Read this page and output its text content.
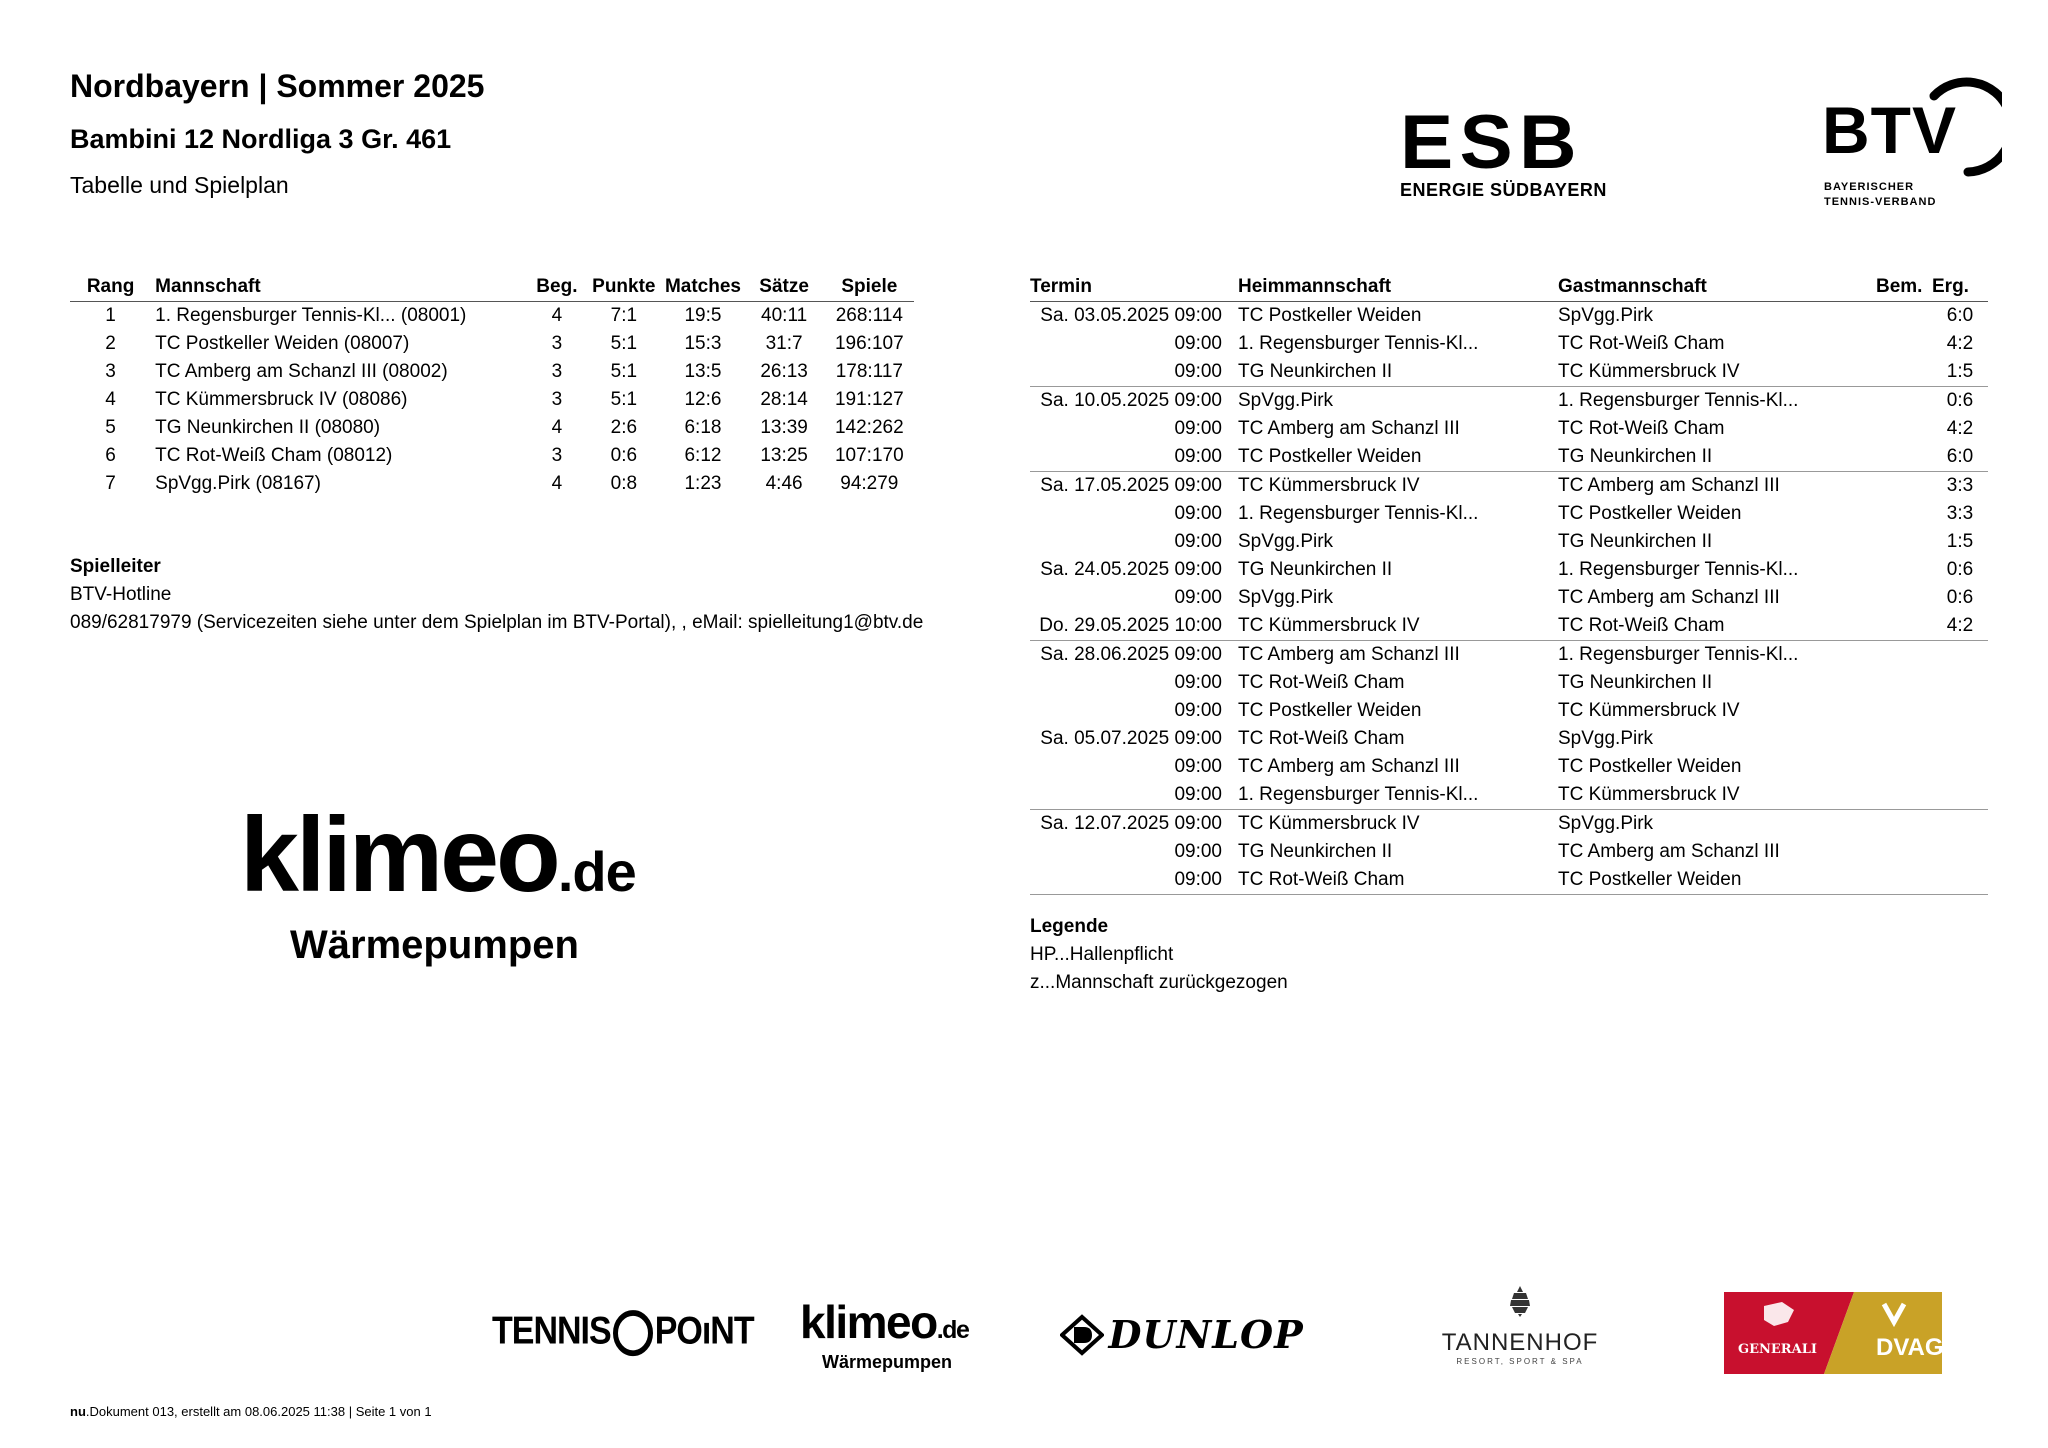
Nordbayern | Sommer 2025
Bambini 12 Nordliga 3 Gr. 461
Tabelle und Spielplan	ESB
ENERGIE SÜDBAYERN
BTV
BAYERISCHER
TENNIS-VERBAND
Rang	Mannschaft	Beg.	Punkte	Matches	Sätze	Spiele
1	1. Regensburger Tennis-Kl... (08001)	4	7:1	19:5	40:11	268:114
2	TC Postkeller Weiden (08007)	3	5:1	15:3	31:7	196:107
3	TC Amberg am Schanzl III (08002)	3	5:1	13:5	26:13	178:117
4	TC Kümmersbruck IV (08086)	3	5:1	12:6	28:14	191:127
5	TG Neunkirchen II (08080)	4	2:6	6:18	13:39	142:262
6	TC Rot-Weiß Cham (08012)	3	0:6	6:12	13:25	107:170
7	SpVgg.Pirk (08167)	4	0:8	1:23	4:46	94:279
Spielleiter
BTV-Hotline
089/62817979 (Servicezeiten siehe unter dem Spielplan im BTV-Portal), , eMail: spielleitung1@btv.de
klimeo.de
Wärmepumpen
Termin	Heimmannschaft	Gastmannschaft	Bem.	Erg.
Sa. 03.05.2025 09:00	TC Postkeller Weiden	SpVgg.Pirk		6:0
09:00	1. Regensburger Tennis-Kl...	TC Rot-Weiß Cham		4:2
09:00	TG Neunkirchen II	TC Kümmersbruck IV		1:5
Sa. 10.05.2025 09:00	SpVgg.Pirk	1. Regensburger Tennis-Kl...		0:6
09:00	TC Amberg am Schanzl III	TC Rot-Weiß Cham		4:2
09:00	TC Postkeller Weiden	TG Neunkirchen II		6:0
Sa. 17.05.2025 09:00	TC Kümmersbruck IV	TC Amberg am Schanzl III		3:3
09:00	1. Regensburger Tennis-Kl...	TC Postkeller Weiden		3:3
09:00	SpVgg.Pirk	TG Neunkirchen II		1:5
Sa. 24.05.2025 09:00	TG Neunkirchen II	1. Regensburger Tennis-Kl...		0:6
09:00	SpVgg.Pirk	TC Amberg am Schanzl III		0:6
Do. 29.05.2025 10:00	TC Kümmersbruck IV	TC Rot-Weiß Cham		4:2
Sa. 28.06.2025 09:00	TC Amberg am Schanzl III	1. Regensburger Tennis-Kl...		
09:00	TC Rot-Weiß Cham	TG Neunkirchen II		
09:00	TC Postkeller Weiden	TC Kümmersbruck IV		
Sa. 05.07.2025 09:00	TC Rot-Weiß Cham	SpVgg.Pirk		
09:00	TC Amberg am Schanzl III	TC Postkeller Weiden		
09:00	1. Regensburger Tennis-Kl...	TC Kümmersbruck IV		
Sa. 12.07.2025 09:00	TC Kümmersbruck IV	SpVgg.Pirk		
09:00	TG Neunkirchen II	TC Amberg am Schanzl III		
09:00	TC Rot-Weiß Cham	TC Postkeller Weiden		
Legende
HP...Hallenpflicht
z...Mannschaft zurückgezogen
TENNIS POıNT klimeo.de
Wärmepumpen
DUNLOP	TANNENHOF
RESORT, SPORT & SPA
GENERALI DVAG
nu.Dokument 013, erstellt am 08.06.2025 11:38 | Seite 1 von 1
